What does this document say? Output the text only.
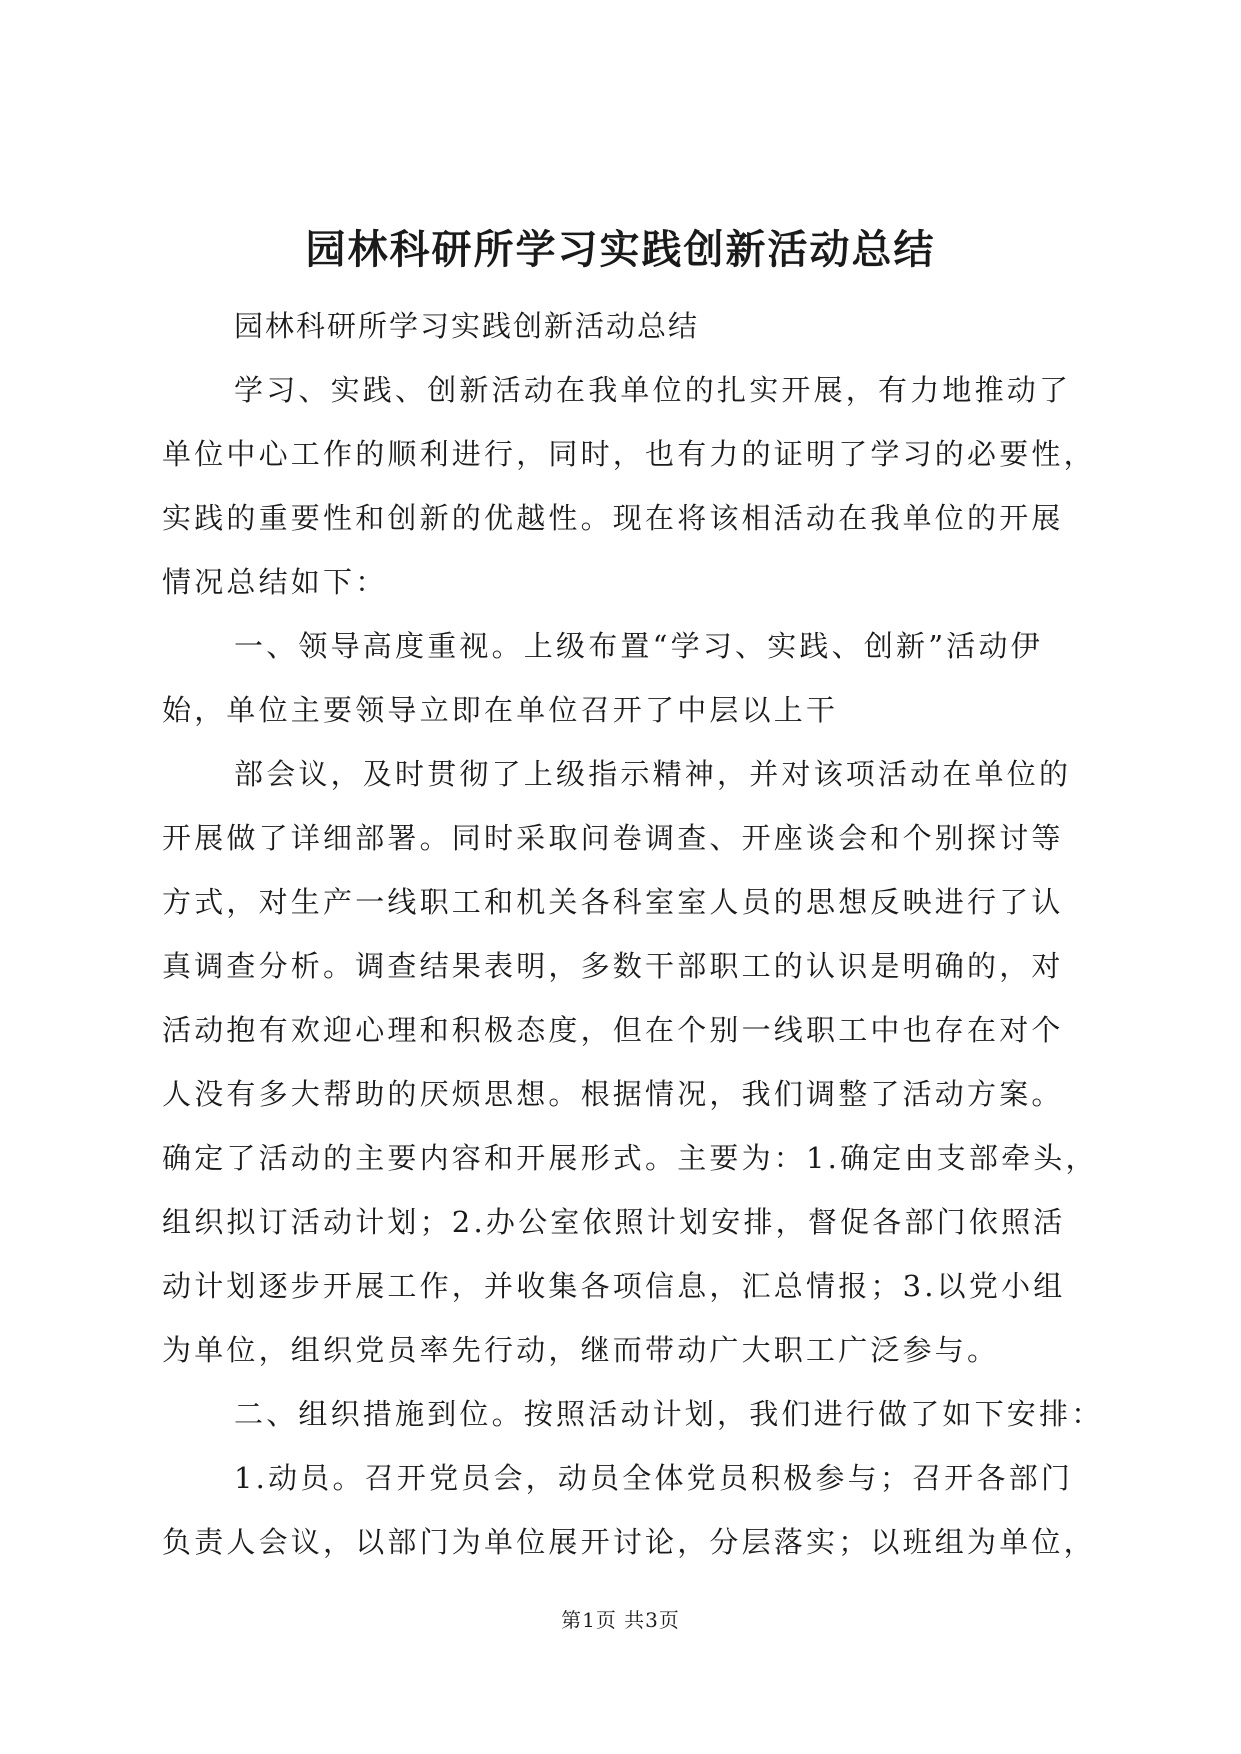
园林科研所学习实践创新活动总结
园林科研所学习实践创新活动总结
学习、实践、创新活动在我单位的扎实开展，有力地推动了
单位中心工作的顺利进行，同时，也有力的证明了学习的必要性，
实践的重要性和创新的优越性。现在将该相活动在我单位的开展
情况总结如下：
一、领导高度重视。上级布置“学习、实践、创新”活动伊
始，单位主要领导立即在单位召开了中层以上干
部会议，及时贯彻了上级指示精神，并对该项活动在单位的
开展做了详细部署。同时采取问卷调查、开座谈会和个别探讨等
方式，对生产一线职工和机关各科室室人员的思想反映进行了认
真调查分析。调查结果表明，多数干部职工的认识是明确的，对
活动抱有欢迎心理和积极态度，但在个别一线职工中也存在对个
人没有多大帮助的厌烦思想。根据情况，我们调整了活动方案。
确定了活动的主要内容和开展形式。主要为：1.确定由支部牵头，
组织拟订活动计划；2.办公室依照计划安排，督促各部门依照活
动计划逐步开展工作，并收集各项信息，汇总情报；3.以党小组
为单位，组织党员率先行动，继而带动广大职工广泛参与。
二、组织措施到位。按照活动计划，我们进行做了如下安排：
1.动员。召开党员会，动员全体党员积极参与；召开各部门
负责人会议，以部门为单位展开讨论，分层落实；以班组为单位，
第1页 共3页
